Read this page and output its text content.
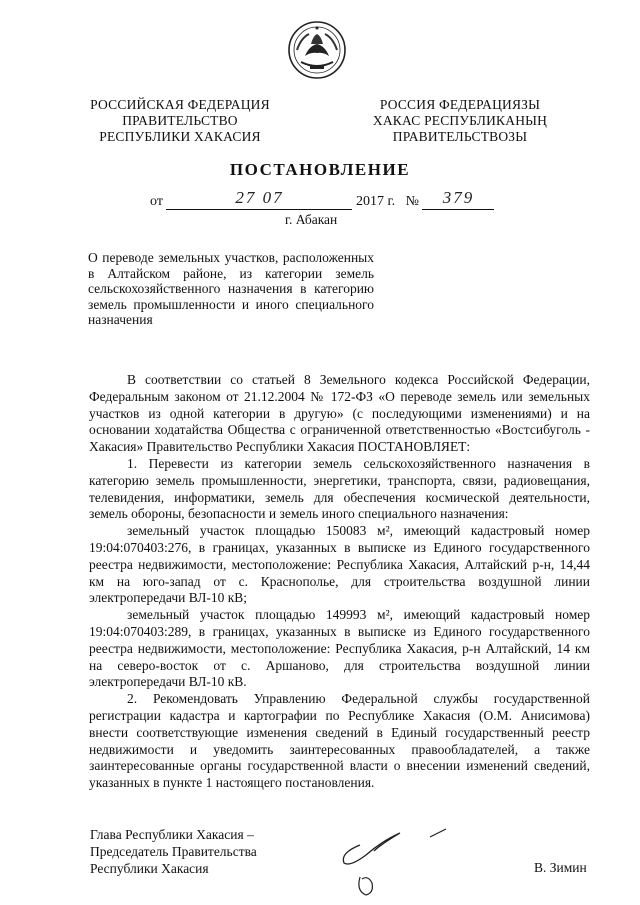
РОССИЙСКАЯ ФЕДЕРАЦИЯ
ПРАВИТЕЛЬСТВО
РЕСПУБЛИКИ ХАКАСИЯ
РОССИЯ ФЕДЕРАЦИЯЗЫ
ХАКАС РЕСПУБЛИКАНЫҢ
ПРАВИТЕЛЬСТВОЗЫ
ПОСТАНОВЛЕНИЕ
от	27 07	2017 г. №	379
г. Абакан
О переводе земельных участков, расположенных в Алтайском районе, из категории земель сельскохозяйственного назначения в категорию земель промышленности и иного специального назначения

В соответствии со статьей 8 Земельного кодекса Российской Федерации, Федеральным законом от 21.12.2004 № 172-ФЗ «О переводе земель или земельных участков из одной категории в другую» (с последующими изменениями) и на основании ходатайства Общества с ограниченной ответственностью «Востсибуголь - Хакасия» Правительство Республики Хакасия ПОСТАНОВЛЯЕТ:

1. Перевести из категории земель сельскохозяйственного назначения в категорию земель промышленности, энергетики, транспорта, связи, радиовещания, телевидения, информатики, земель для обеспечения космической деятельности, земель обороны, безопасности и земель иного специального назначения:

земельный участок площадью 150083 м², имеющий кадастровый номер 19:04:070403:276, в границах, указанных в выписке из Единого государственного реестра недвижимости, местоположение: Республика Хакасия, Алтайский р-н, 14,44 км на юго-запад от с. Краснополье, для строительства воздушной линии электропередачи ВЛ-10 кВ;

земельный участок площадью 149993 м², имеющий кадастровый номер 19:04:070403:289, в границах, указанных в выписке из Единого государственного реестра недвижимости, местоположение: Республика Хакасия, р-н Алтайский, 14 км на северо-восток от с. Аршаново, для строительства воздушной линии электропередачи ВЛ-10 кВ.

2. Рекомендовать Управлению Федеральной службы государственной регистрации кадастра и картографии по Республике Хакасия (О.М. Анисимова) внести соответствующие изменения сведений в Единый государственный реестр недвижимости и уведомить заинтересованных правообладателей, а также заинтересованные органы государственной власти о внесении изменений сведений, указанных в пункте 1 настоящего постановления.

Глава Республики Хакасия –
Председатель Правительства
Республики Хакасия	В. Зимин
